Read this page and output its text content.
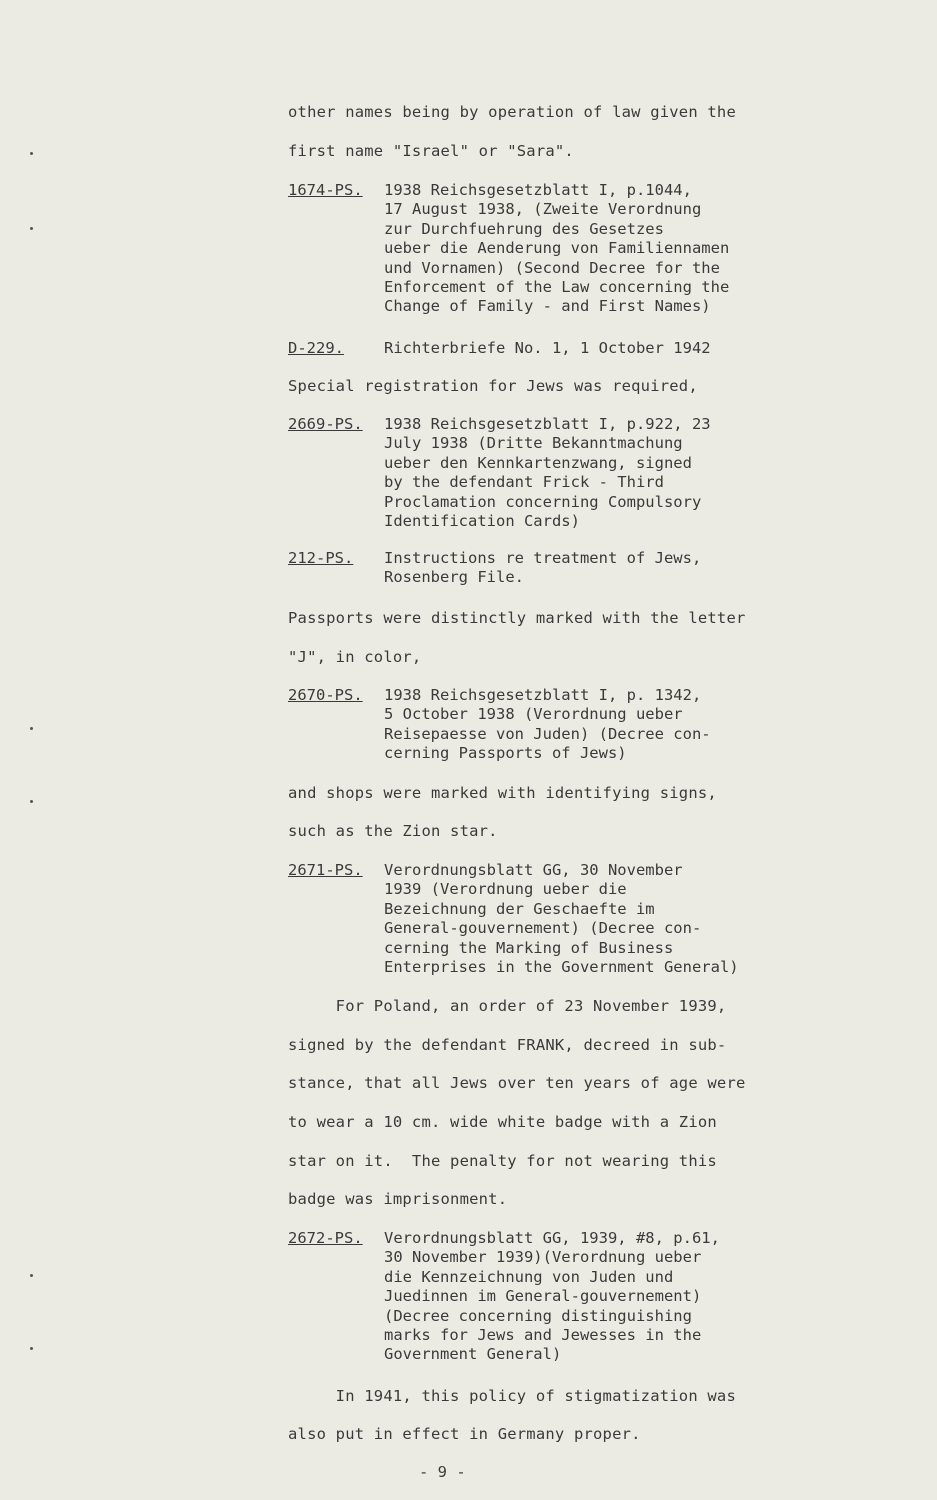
other names being by operation of law given the
first name "Israel" or "Sara".
1674-PS. 1938 Reichsgesetzblatt I, p.1044,
17 August 1938, (Zweite Verordnung
zur Durchfuehrung des Gesetzes
ueber die Aenderung von Familiennamen
und Vornamen) (Second Decree for the
Enforcement of the Law concerning the
Change of Family - and First Names)
D-229.	Richterbriefe No. 1, 1 October 1942
Special registration for Jews was required,
2669-PS. 1938 Reichsgesetzblatt I, p.922, 23
July 1938 (Dritte Bekanntmachung
ueber den Kennkartenzwang, signed
by the defendant Frick - Third
Proclamation concerning Compulsory
Identification Cards)
212-PS. Instructions re treatment of Jews,
Rosenberg File.
Passports were distinctly marked with the letter
"J", in color,
2670-PS. 1938 Reichsgesetzblatt I, p. 1342,
5 October 1938 (Verordnung ueber
Reisepaesse von Juden) (Decree con-
cerning Passports of Jews)
and shops were marked with identifying signs,
such as the Zion star.
2671-PS. Verordnungsblatt GG, 30 November
1939 (Verordnung ueber die
Bezeichnung der Geschaefte im
General-gouvernement) (Decree con-
cerning the Marking of Business
Enterprises in the Government General)
For Poland, an order of 23 November 1939,
signed by the defendant FRANK, decreed in sub-
stance, that all Jews over ten years of age were
to wear a 10 cm. wide white badge with a Zion
star on it.  The penalty for not wearing this
badge was imprisonment.
2672-PS. Verordnungsblatt GG, 1939, #8, p.61,
30 November 1939)(Verordnung ueber
die Kennzeichnung von Juden und
Juedinnen im General-gouvernement)
(Decree concerning distinguishing
marks for Jews and Jewesses in the
Government General)
In 1941, this policy of stigmatization was
also put in effect in Germany proper.
- 9 -
